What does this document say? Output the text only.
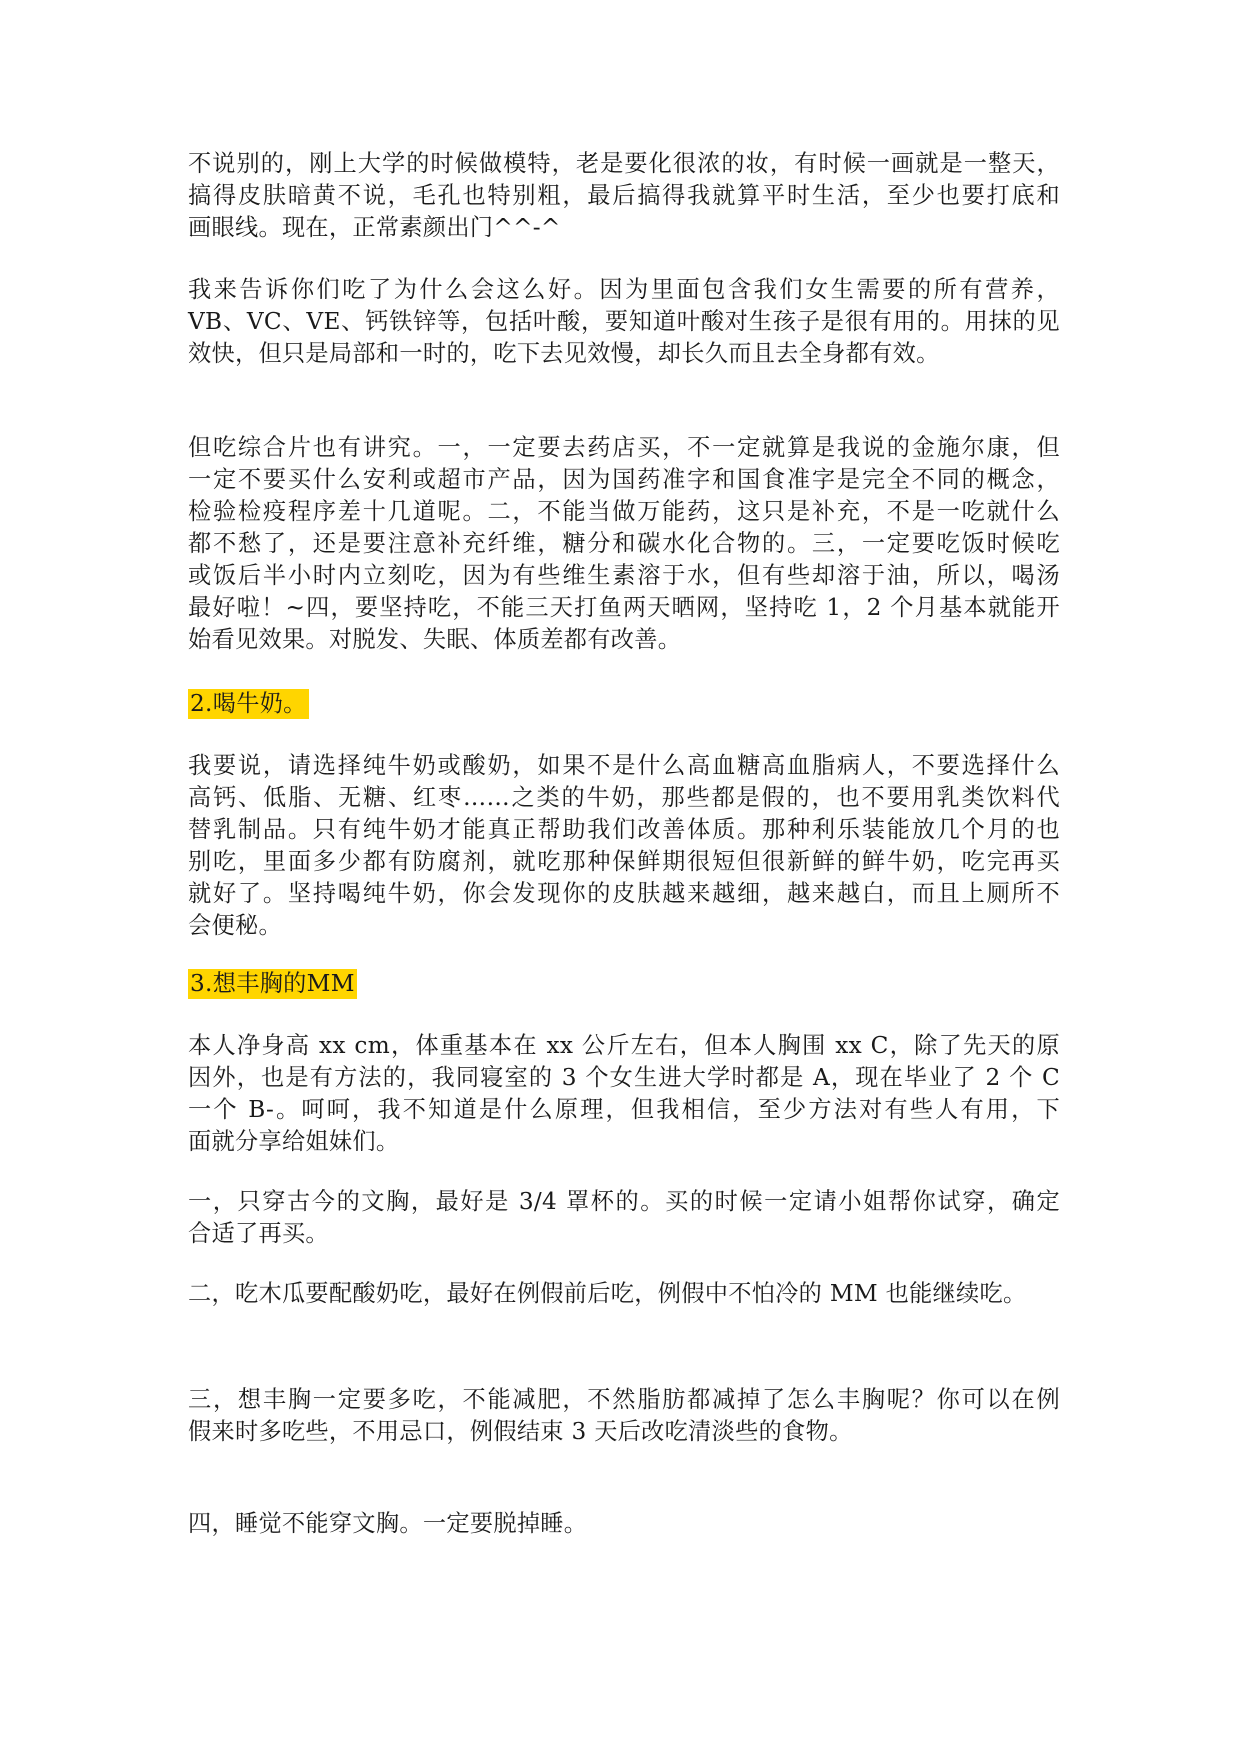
不说别的，刚上大学的时候做模特，老是要化很浓的妆，有时候一画就是一整天，
搞得皮肤暗黄不说，毛孔也特别粗，最后搞得我就算平时生活，至少也要打底和
画眼线。现在，正常素颜出门^^-^
我来告诉你们吃了为什么会这么好。因为里面包含我们女生需要的所有营养，
VB、VC、VE、钙铁锌等，包括叶酸，要知道叶酸对生孩子是很有用的。用抹的见
效快，但只是局部和一时的，吃下去见效慢，却长久而且去全身都有效。
但吃综合片也有讲究。一，一定要去药店买，不一定就算是我说的金施尔康，但
一定不要买什么安利或超市产品，因为国药准字和国食准字是完全不同的概念，
检验检疫程序差十几道呢。二，不能当做万能药，这只是补充，不是一吃就什么
都不愁了，还是要注意补充纤维，糖分和碳水化合物的。三，一定要吃饭时候吃
或饭后半小时内立刻吃，因为有些维生素溶于水，但有些却溶于油，所以，喝汤
最好啦！~四，要坚持吃，不能三天打鱼两天晒网，坚持吃 1，2 个月基本就能开
始看见效果。对脱发、失眠、体质差都有改善。
2.喝牛奶。
我要说，请选择纯牛奶或酸奶，如果不是什么高血糖高血脂病人，不要选择什么
高钙、低脂、无糖、红枣……之类的牛奶，那些都是假的，也不要用乳类饮料代
替乳制品。只有纯牛奶才能真正帮助我们改善体质。那种利乐装能放几个月的也
别吃，里面多少都有防腐剂，就吃那种保鲜期很短但很新鲜的鲜牛奶，吃完再买
就好了。坚持喝纯牛奶，你会发现你的皮肤越来越细，越来越白，而且上厕所不
会便秘。
3.想丰胸的MM
本人净身高 xx cm，体重基本在 xx 公斤左右，但本人胸围 xx C，除了先天的原
因外，也是有方法的，我同寝室的 3 个女生进大学时都是 A，现在毕业了 2 个 C
一个 B-。呵呵，我不知道是什么原理，但我相信，至少方法对有些人有用，下
面就分享给姐妹们。
一，只穿古今的文胸，最好是 3/4 罩杯的。买的时候一定请小姐帮你试穿，确定
合适了再买。
二，吃木瓜要配酸奶吃，最好在例假前后吃，例假中不怕冷的 MM 也能继续吃。
三，想丰胸一定要多吃，不能减肥，不然脂肪都减掉了怎么丰胸呢？你可以在例
假来时多吃些，不用忌口，例假结束 3 天后改吃清淡些的食物。
四，睡觉不能穿文胸。一定要脱掉睡。
